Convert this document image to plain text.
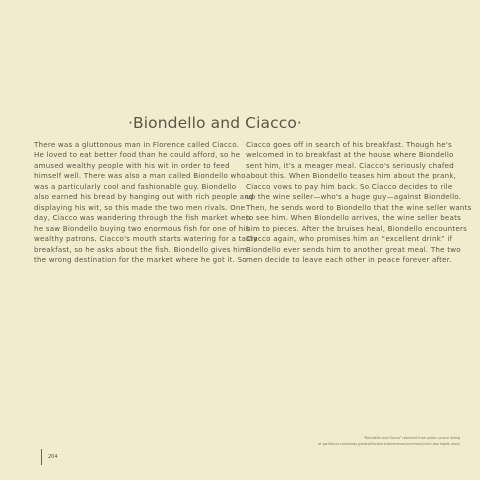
·Biondello and Ciacco·
There was a gluttonous man in Florence called Ciacco.
He loved to eat better food than he could afford, so he
amused wealthy people with his wit in order to feed
himself well. There was also a man called Biondello who
was a particularly cool and fashionable guy. Biondello
also earned his bread by hanging out with rich people and
displaying his wit, so this made the two men rivals. One
day, Ciacco was wandering through the fish market when
he saw Biondello buying two enormous fish for one of his
wealthy patrons. Ciacco's mouth starts watering for a tasty
breakfast, so he asks about the fish. Biondello gives him
the wrong destination for the market where he got it. So
Ciacco goes off in search of his breakfast. Though he's
welcomed in to breakfast at the house where Biondello
sent him, it's a meager meal. Ciacco's seriously chafed
about this. When Biondello teases him about the prank,
Ciacco vows to pay him back. So Ciacco decides to rile
up the wine seller—who's a huge guy—against Biondello.
Then, he sends word to Biondello that the wine seller wants
to see him. When Biondello arrives, the wine seller beats
him to pieces. After the bruises heal, Biondello encounters
Ciacco again, who promises him an “excellent drink” if
Biondello ever sends him to another great meal. The two
men decide to leave each other in peace forever after.
“Biondello and Ciacco” retrieved from public source listing
at gw.litecus.com/study-guides/literature/decameron/summary/ninth-day-eighth-story
204
